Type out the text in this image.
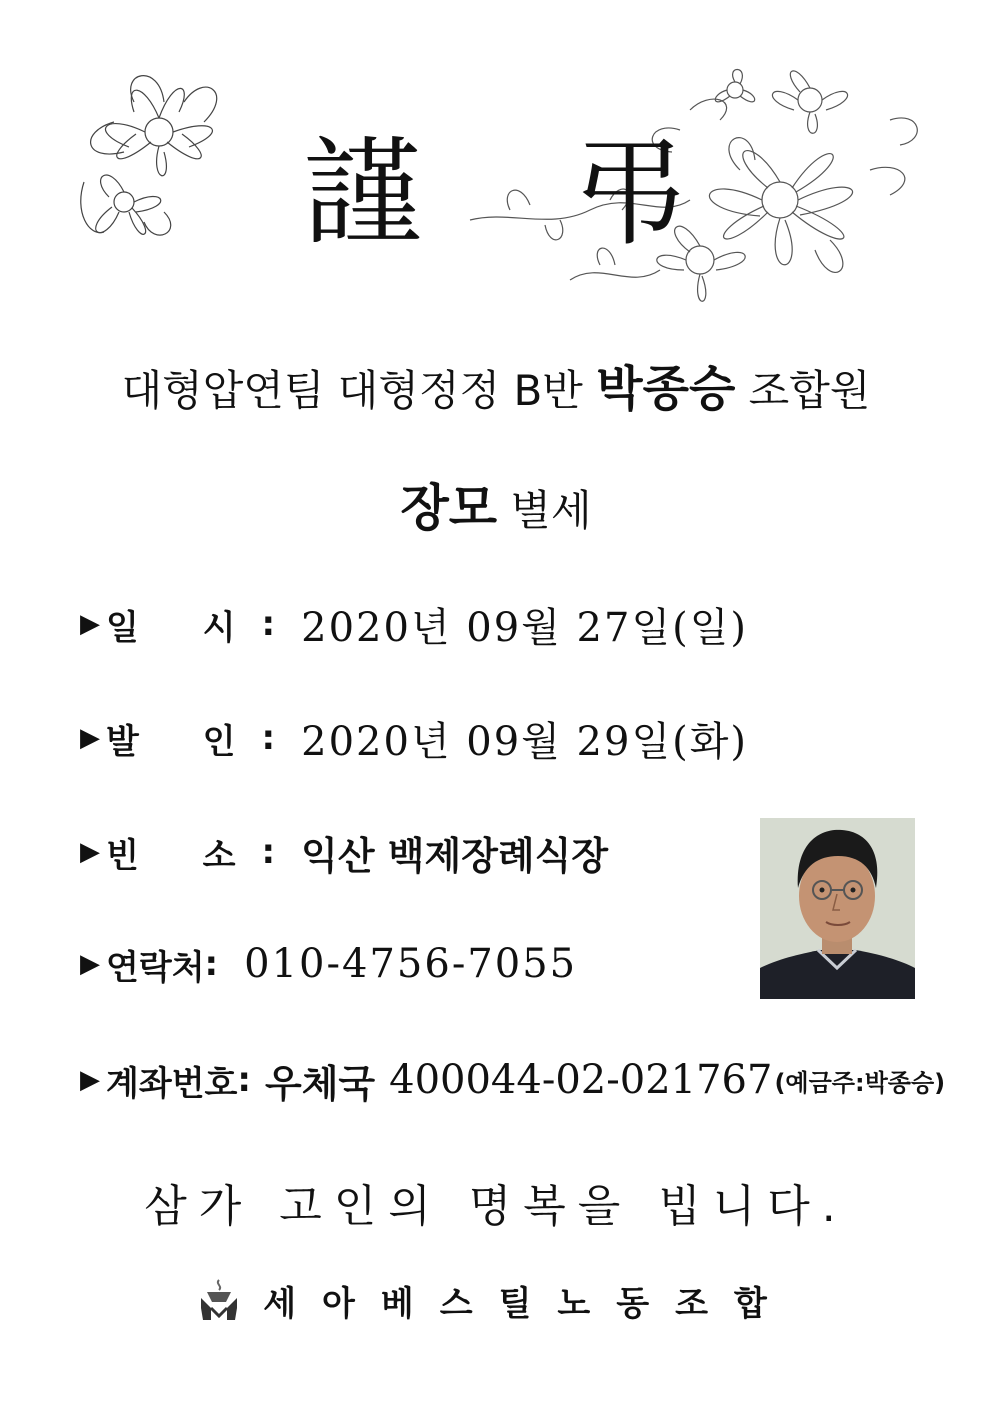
謹 弔
대형압연팀 대형정정 B반 박종승 조합원
장모 별세
▶ 일 시 : 2020년 09월 27일(일)
▶ 발 인 : 2020년 09월 29일(화)
▶ 빈 소 : 익산 백제장례식장
▶ 연락처 : 010-4756-7055
▶ 계좌번호 : 우체국 400044-02-021767 (예금주:박종승)
삼가 고인의 명복을 빕니다.
세아베스틸노동조합
